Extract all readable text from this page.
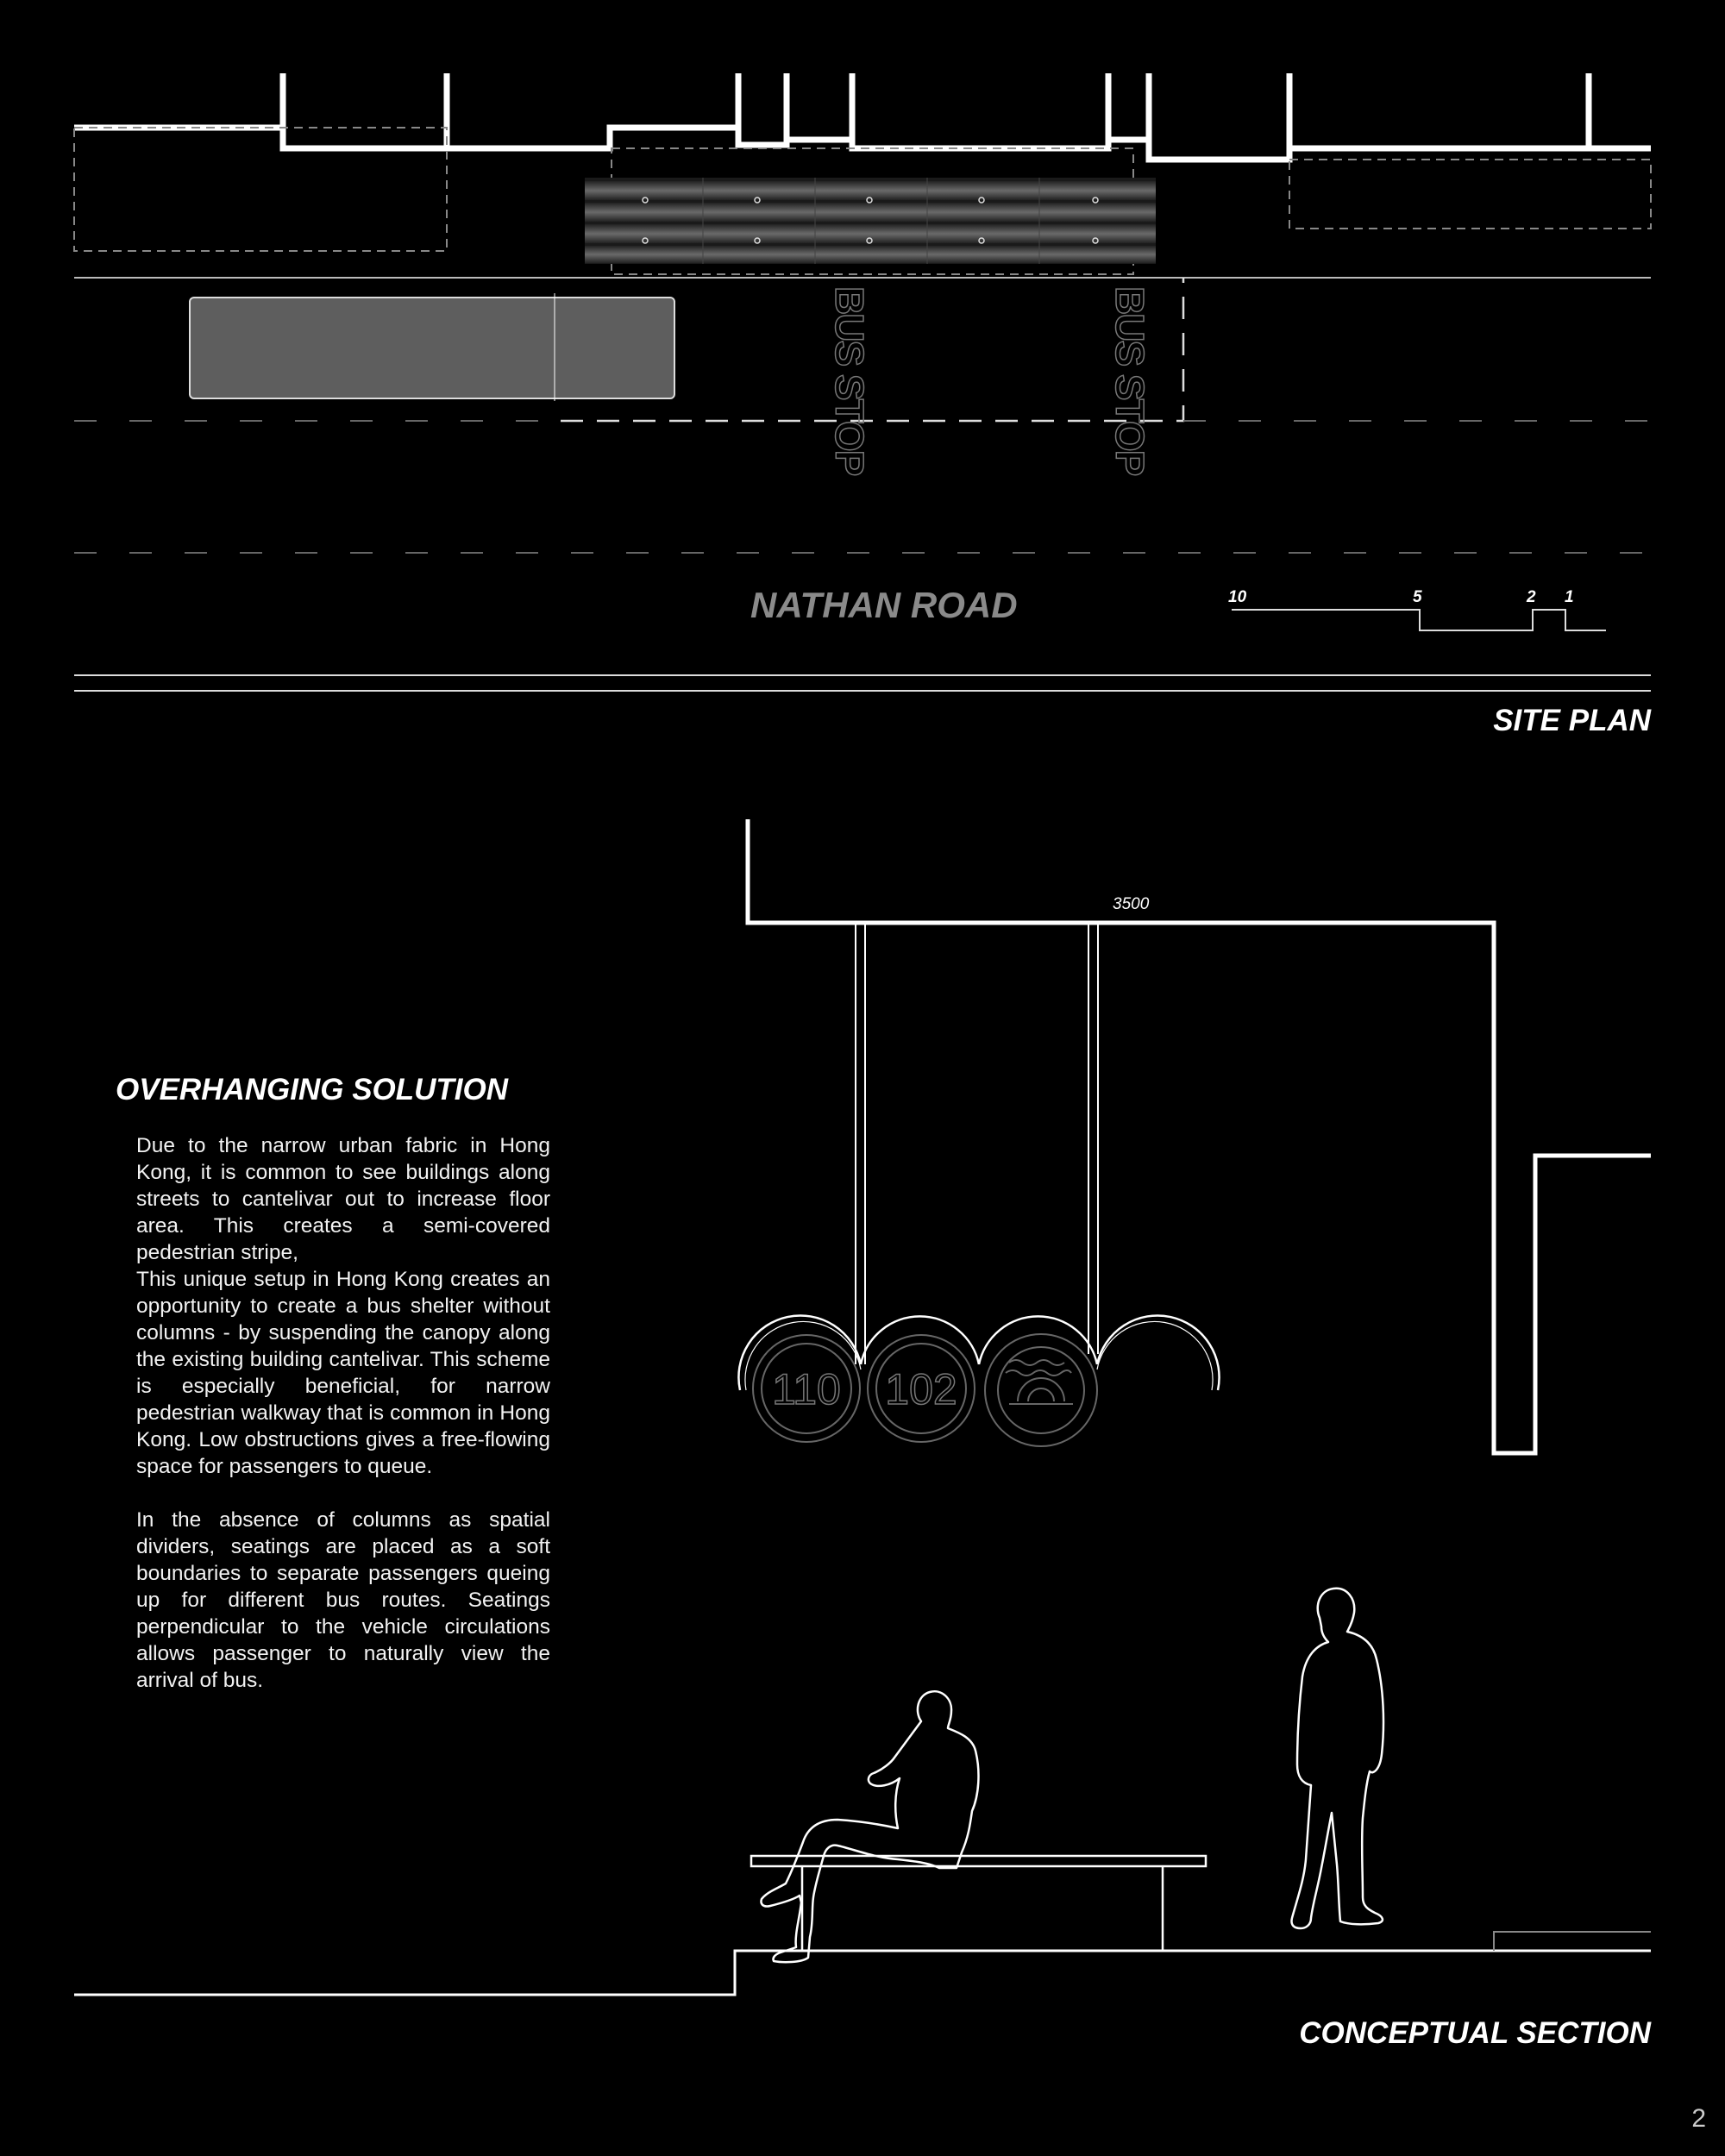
BUS STOP	BUS STOP
10	5	2 1
NATHAN ROAD
SITE PLAN
OVERHANGING SOLUTION
Due to the narrow urban fabric in Hong Kong, it is common to see buildings along streets to cantelivar out to increase floor area. This creates a semi-covered pedestrian stripe,
This unique setup in Hong Kong creates an opportunity to create a bus shelter without columns - by suspending the canopy along the existing building cantelivar. This scheme is especially beneficial, for narrow pedestrian walkway that is common in Hong Kong. Low obstructions gives a free-flowing space for passengers to queue.
In the absence of columns as spatial dividers, seatings are placed as a soft boundaries to separate passengers queing up for different bus routes. Seatings perpendicular to the vehicle circulations allows passenger to naturally view the arrival of bus.
110 102
3500
CONCEPTUAL SECTION
2
